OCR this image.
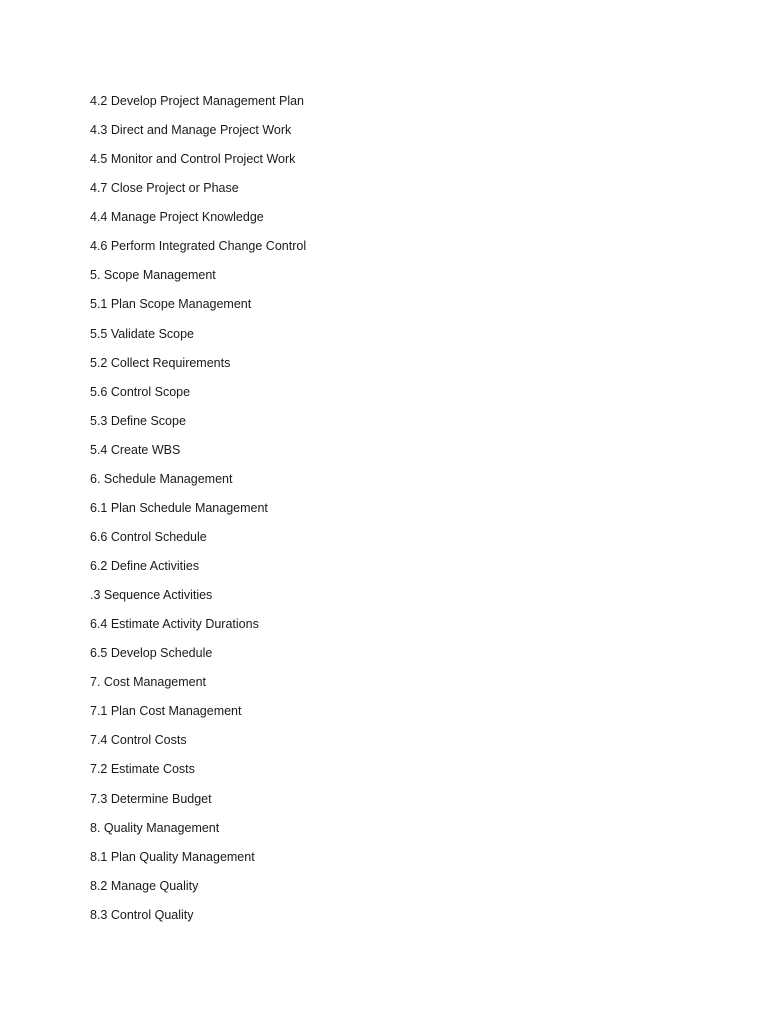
4.2 Develop Project Management Plan
4.3 Direct and Manage Project Work
4.5 Monitor and Control Project Work
4.7 Close Project or Phase
4.4 Manage Project Knowledge
4.6 Perform Integrated Change Control
5. Scope Management
5.1 Plan Scope Management
5.5 Validate Scope
5.2 Collect Requirements
5.6 Control Scope
5.3 Define Scope
5.4 Create WBS
6. Schedule Management
6.1 Plan Schedule Management
6.6 Control Schedule
6.2 Define Activities
.3 Sequence Activities
6.4 Estimate Activity Durations
6.5 Develop Schedule
7. Cost Management
7.1 Plan Cost Management
7.4 Control Costs
7.2 Estimate Costs
7.3 Determine Budget
8. Quality Management
8.1 Plan Quality Management
8.2 Manage Quality
8.3 Control Quality
